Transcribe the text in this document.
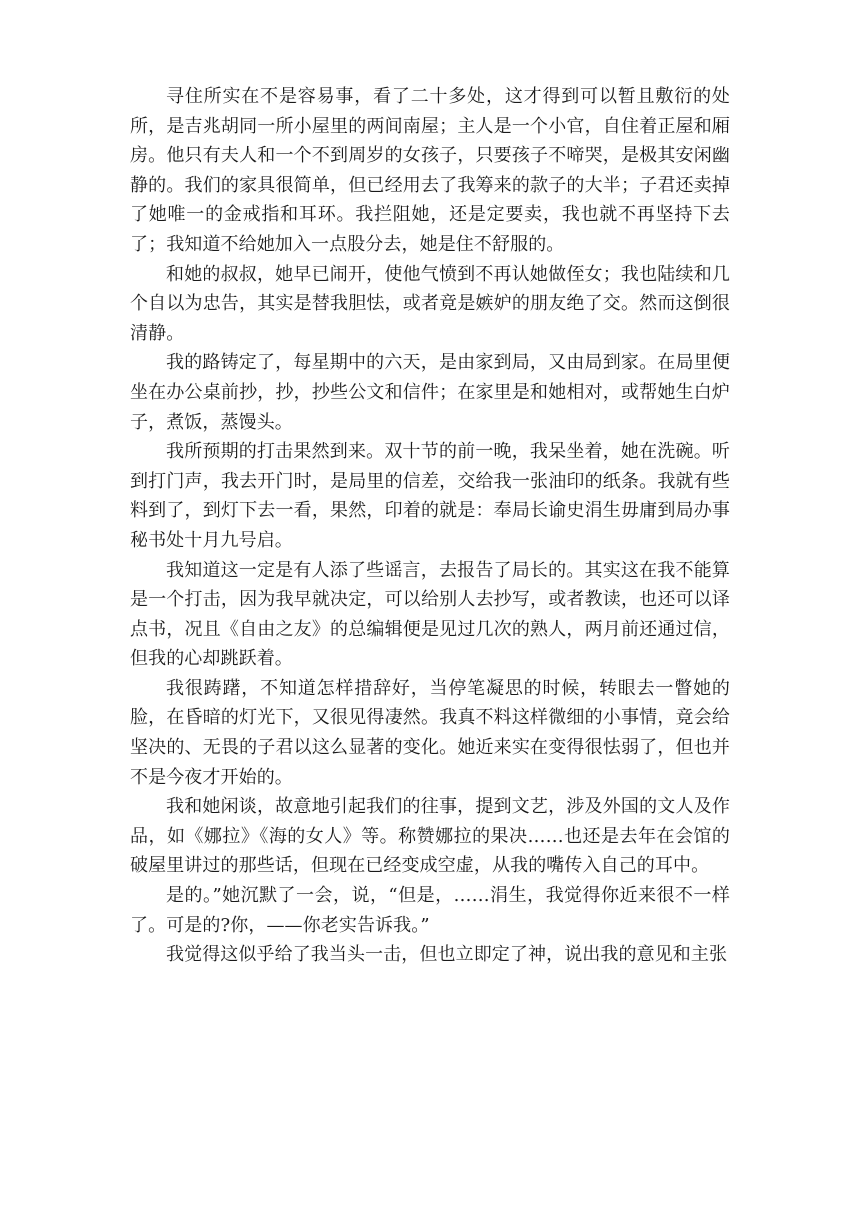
寻住所实在不是容易事，看了二十多处，这才得到可以暂且敷衍的处所，是吉兆胡同一所小屋里的两间南屋；主人是一个小官，自住着正屋和厢房。他只有夫人和一个不到周岁的女孩子，只要孩子不啼哭，是极其安闲幽静的。我们的家具很简单，但已经用去了我筹来的款子的大半；子君还卖掉了她唯一的金戒指和耳环。我拦阻她，还是定要卖，我也就不再坚持下去了；我知道不给她加入一点股分去，她是住不舒服的。

和她的叔叔，她早已闹开，使他气愤到不再认她做侄女；我也陆续和几个自以为忠告，其实是替我胆怯，或者竟是嫉妒的朋友绝了交。然而这倒很清静。

我的路铸定了，每星期中的六天，是由家到局，又由局到家。在局里便坐在办公桌前抄，抄，抄些公文和信件；在家里是和她相对，或帮她生白炉子，煮饭，蒸馒头。

我所预期的打击果然到来。双十节的前一晚，我呆坐着，她在洗碗。听到打门声，我去开门时，是局里的信差，交给我一张油印的纸条。我就有些料到了，到灯下去一看，果然，印着的就是：奉局长谕史涓生毋庸到局办事秘书处十月九号启。

我知道这一定是有人添了些谣言，去报告了局长的。其实这在我不能算是一个打击，因为我早就决定，可以给别人去抄写，或者教读，也还可以译点书，况且《自由之友》的总编辑便是见过几次的熟人，两月前还通过信，但我的心却跳跃着。

我很踌躇，不知道怎样措辞好，当停笔凝思的时候，转眼去一瞥她的脸，在昏暗的灯光下，又很见得凄然。我真不料这样微细的小事情，竟会给坚决的、无畏的子君以这么显著的变化。她近来实在变得很怯弱了，但也并不是今夜才开始的。

我和她闲谈，故意地引起我们的往事，提到文艺，涉及外国的文人及作品，如《娜拉》《海的女人》等。称赞娜拉的果决……也还是去年在会馆的破屋里讲过的那些话，但现在已经变成空虚，从我的嘴传入自己的耳中。

是的。”她沉默了一会，说，“但是，……涓生，我觉得你近来很不一样了。可是的?你，——你老实告诉我。”

我觉得这似乎给了我当头一击，但也立即定了神，说出我的意见和主张
